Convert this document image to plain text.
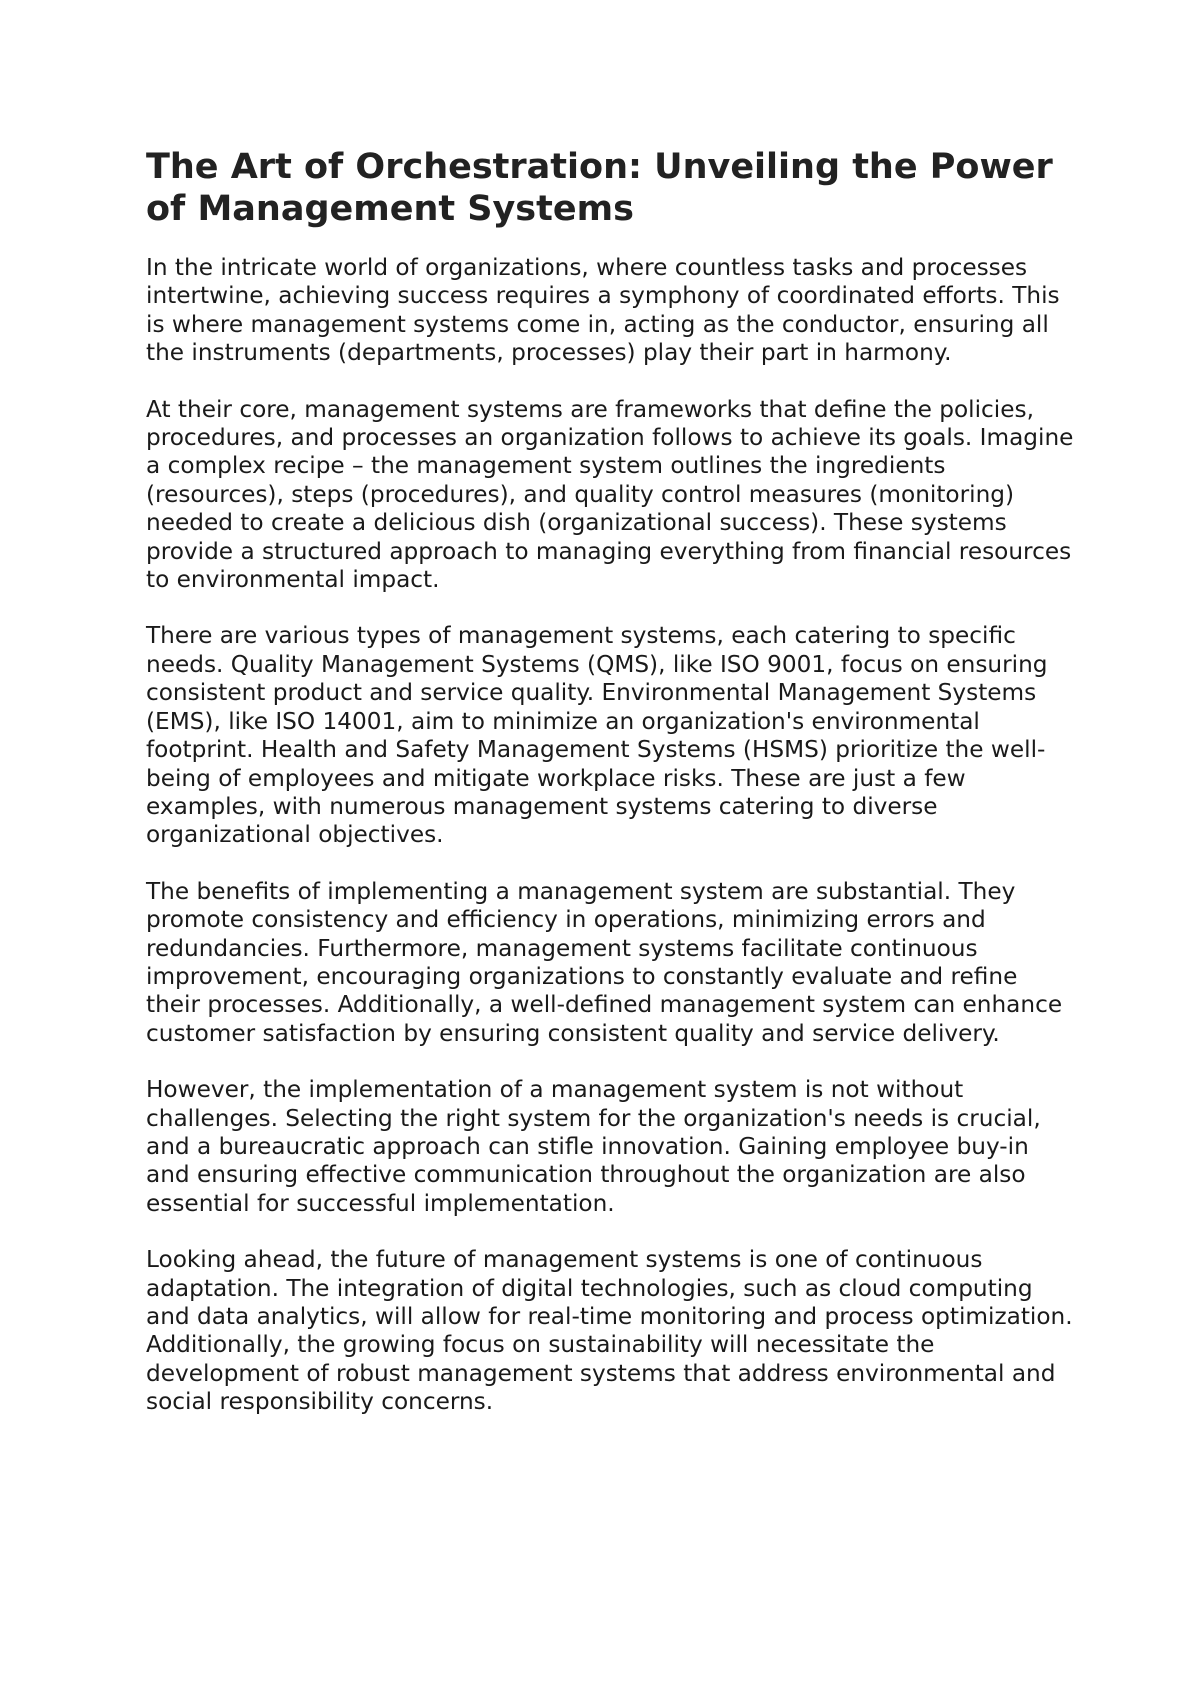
The Art of Orchestration: Unveiling the Power of Management Systems

In the intricate world of organizations, where countless tasks and processes intertwine, achieving success requires a symphony of coordinated efforts. This is where management systems come in, acting as the conductor, ensuring all the instruments (departments, processes) play their part in harmony.

At their core, management systems are frameworks that define the policies, procedures, and processes an organization follows to achieve its goals. Imagine a complex recipe – the management system outlines the ingredients (resources), steps (procedures), and quality control measures (monitoring) needed to create a delicious dish (organizational success). These systems provide a structured approach to managing everything from financial resources to environmental impact.

There are various types of management systems, each catering to specific needs. Quality Management Systems (QMS), like ISO 9001, focus on ensuring consistent product and service quality. Environmental Management Systems (EMS), like ISO 14001, aim to minimize an organization's environmental footprint. Health and Safety Management Systems (HSMS) prioritize the well-being of employees and mitigate workplace risks. These are just a few examples, with numerous management systems catering to diverse organizational objectives.

The benefits of implementing a management system are substantial. They promote consistency and efficiency in operations, minimizing errors and redundancies. Furthermore, management systems facilitate continuous improvement, encouraging organizations to constantly evaluate and refine their processes. Additionally, a well-defined management system can enhance customer satisfaction by ensuring consistent quality and service delivery.

However, the implementation of a management system is not without challenges. Selecting the right system for the organization's needs is crucial, and a bureaucratic approach can stifle innovation. Gaining employee buy-in and ensuring effective communication throughout the organization are also essential for successful implementation.

Looking ahead, the future of management systems is one of continuous adaptation. The integration of digital technologies, such as cloud computing and data analytics, will allow for real-time monitoring and process optimization. Additionally, the growing focus on sustainability will necessitate the development of robust management systems that address environmental and social responsibility concerns.
